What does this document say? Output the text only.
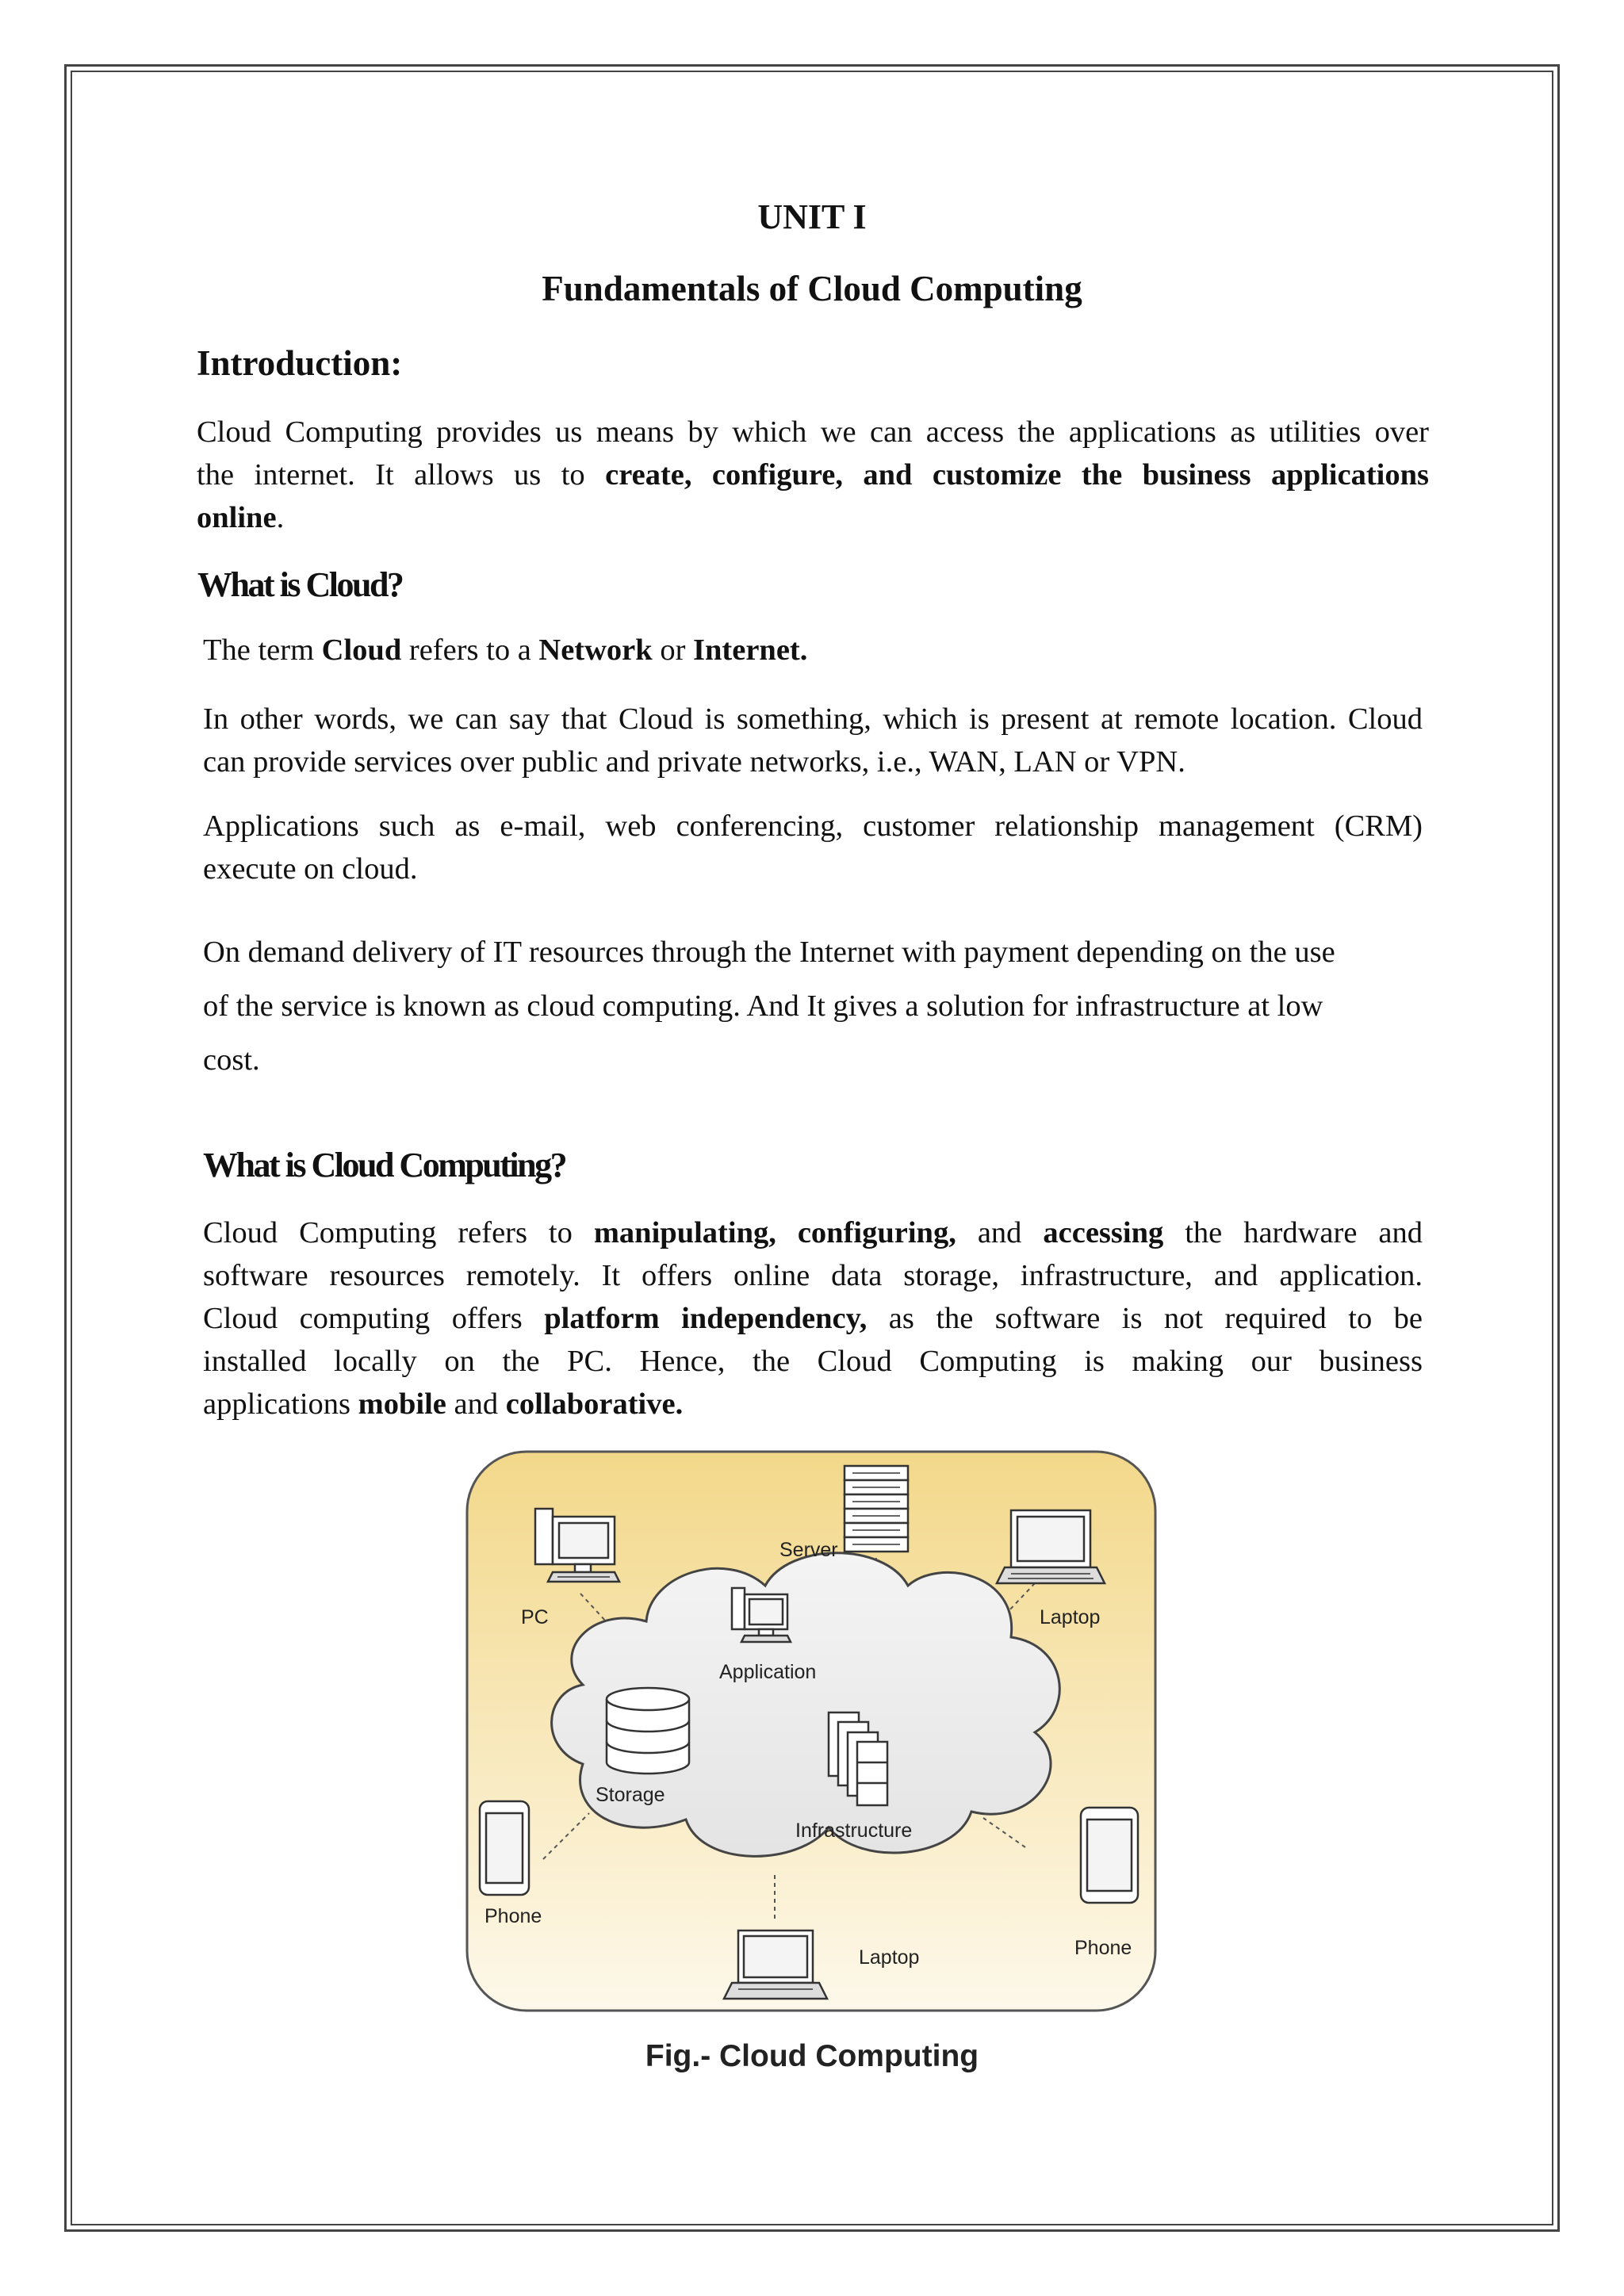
UNIT I
Fundamentals of Cloud Computing
Introduction:
Cloud Computing provides us means by which we can access the applications as utilities over
the internet. It allows us to create, configure, and customize the business applications
online.
What is Cloud?
The term Cloud refers to a Network or Internet.
In other words, we can say that Cloud is something, which is present at remote location. Cloud
can provide services over public and private networks, i.e., WAN, LAN or VPN.
Applications such as e-mail, web conferencing, customer relationship management (CRM)
execute on cloud.
On demand delivery of IT resources through the Internet with payment depending on the use
of the service is known as cloud computing. And It gives a solution for infrastructure at low
cost.
What is Cloud Computing?
Cloud Computing refers to manipulating, configuring, and accessing the hardware and
software resources remotely. It offers online data storage, infrastructure, and application.
Cloud computing offers platform independency, as the software is not required to be
installed locally on the PC. Hence, the Cloud Computing is making our business
applications mobile and collaborative.
Server
PC	Laptop
Application
Storage
Infrastructure
Phone
Laptop	Phone
Fig.- Cloud Computing
